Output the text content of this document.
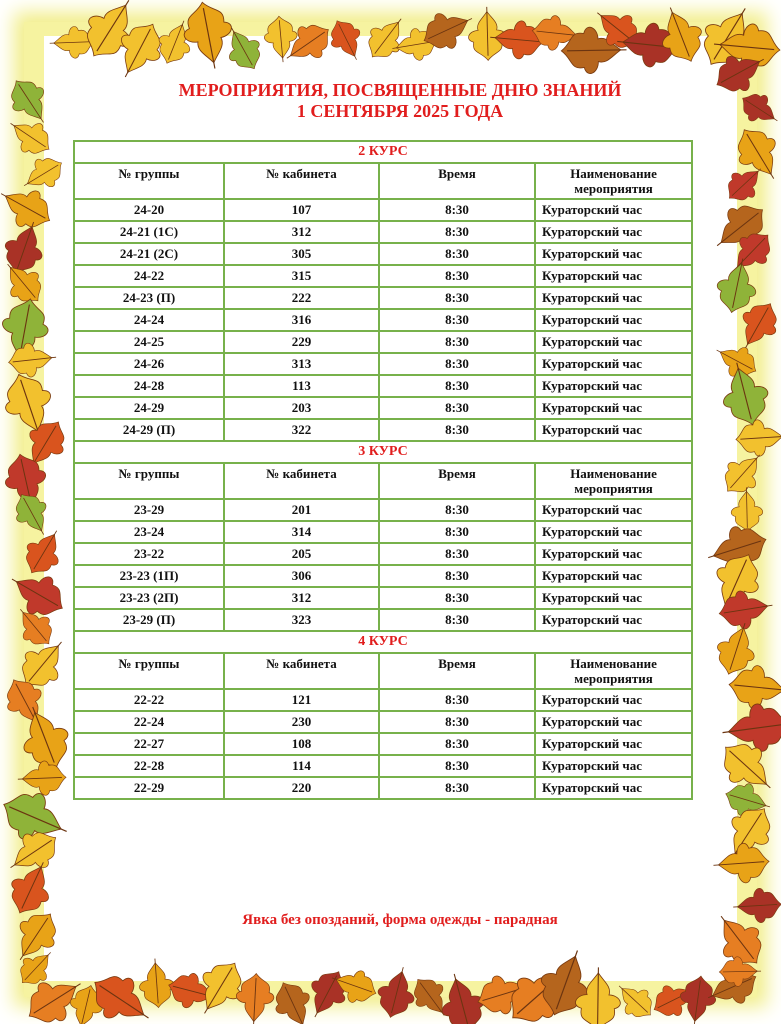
МЕРОПРИЯТИЯ, ПОСВЯЩЕННЫЕ ДНЮ ЗНАНИЙ
1 СЕНТЯБРЯ 2025 ГОДА
2 КУРС			
№ группы	№ кабинета	Время	Наименование мероприятия
24-20	107	8:30	Кураторский час
24-21 (1С)	312	8:30	Кураторский час
24-21 (2С)	305	8:30	Кураторский час
24-22	315	8:30	Кураторский час
24-23 (П)	222	8:30	Кураторский час
24-24	316	8:30	Кураторский час
24-25	229	8:30	Кураторский час
24-26	313	8:30	Кураторский час
24-28	113	8:30	Кураторский час
24-29	203	8:30	Кураторский час
24-29 (П)	322	8:30	Кураторский час
3 КУРС			
№ группы	№ кабинета	Время	Наименование мероприятия
23-29	201	8:30	Кураторский час
23-24	314	8:30	Кураторский час
23-22	205	8:30	Кураторский час
23-23 (1П)	306	8:30	Кураторский час
23-23 (2П)	312	8:30	Кураторский час
23-29 (П)	323	8:30	Кураторский час
4 КУРС			
№ группы	№ кабинета	Время	Наименование мероприятия
22-22	121	8:30	Кураторский час
22-24	230	8:30	Кураторский час
22-27	108	8:30	Кураторский час
22-28	114	8:30	Кураторский час
22-29	220	8:30	Кураторский час
Явка без опозданий, форма одежды - парадная
